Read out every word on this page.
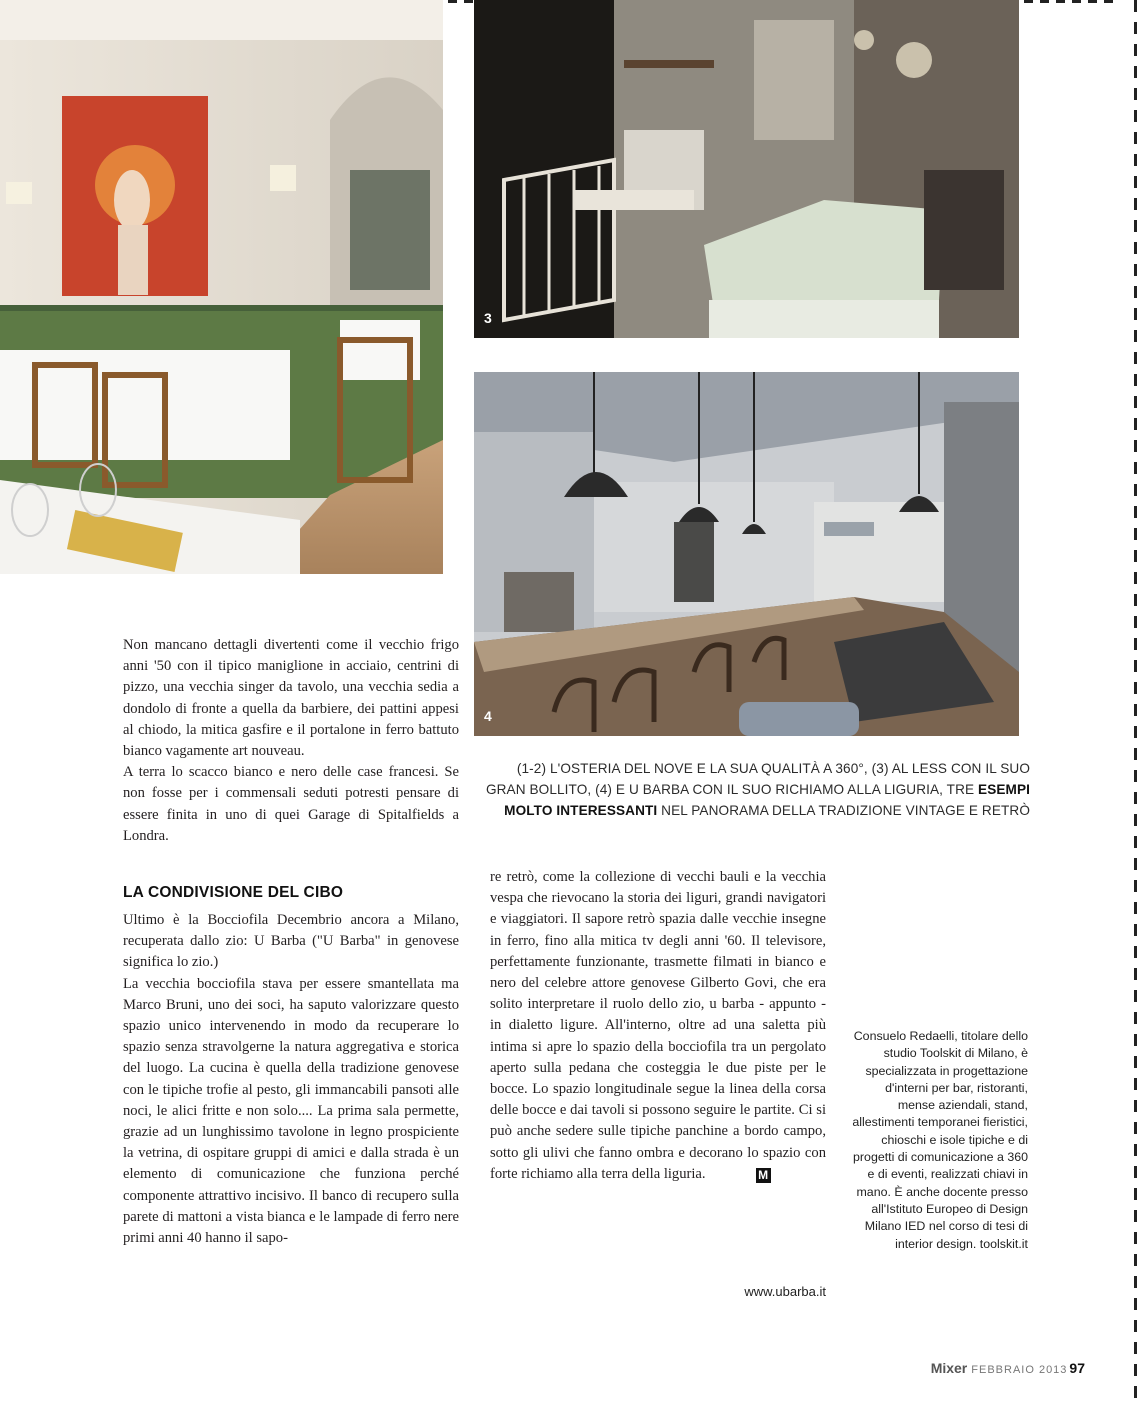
3
4
(1-2) L'OSTERIA DEL NOVE E LA SUA QUALITÀ A 360°, (3) AL LESS CON IL SUO GRAN BOLLITO, (4) E U BARBA CON IL SUO RICHIAMO ALLA LIGURIA, TRE ESEMPI MOLTO INTERESSANTI NEL PANORAMA DELLA TRADIZIONE VINTAGE E RETRÒ

Non mancano dettagli divertenti come il vecchio frigo anni '50 con il tipico maniglione in acciaio, centrini di pizzo, una vecchia singer da tavolo, una vecchia sedia a dondolo di fronte a quella da barbiere, dei pattini appesi al chiodo, la mitica gasfire e il portalone in ferro battuto bianco vagamente art nouveau.

A terra lo scacco bianco e nero delle case francesi. Se non fosse per i commensali seduti potresti pensare di essere finita in uno di quei Garage di Spitalfields a Londra.

LA CONDIVISIONE DEL CIBO

Ultimo è la Bocciofila Decembrio ancora a Milano, recuperata dallo zio: U Barba ("U Barba" in genovese significa lo zio.)

La vecchia bocciofila stava per essere smantellata ma Marco Bruni, uno dei soci, ha saputo valorizzare questo spazio unico intervenendo in modo da recuperare lo spazio senza stravolgerne la natura aggregativa e storica del luogo. La cucina è quella della tradizione genovese con le tipiche trofie al pesto, gli immancabili pansoti alle noci, le alici fritte e non solo.... La prima sala permette, grazie ad un lunghissimo tavolone in legno prospiciente la vetrina, di ospitare gruppi di amici e dalla strada è un elemento di comunicazione che funziona perché componente attrattivo incisivo. Il banco di recupero sulla parete di mattoni a vista bianca e le lampade di ferro nere primi anni 40 hanno il sapo-

re retrò, come la collezione di vecchi bauli e la vecchia vespa che rievocano la storia dei liguri, grandi navigatori e viaggiatori. Il sapore retrò spazia dalle vecchie insegne in ferro, fino alla mitica tv degli anni '60. Il televisore, perfettamente funzionante, trasmette filmati in bianco e nero del celebre attore genovese Gilberto Govi, che era solito interpretare il ruolo dello zio, u barba - appunto - in dialetto ligure. All'interno, oltre ad una saletta più intima si apre lo spazio della bocciofila tra un pergolato aperto sulla pedana che costeggia le due piste per le bocce. Lo spazio longitudinale segue la linea della corsa delle bocce e dai tavoli si possono seguire le partite. Ci si può anche sedere sulle tipiche panchine a bordo campo, sotto gli ulivi che fanno ombra e decorano lo spazio con forte richiamo alla terra della liguria.	M

www.ubarba.it
Consuelo Redaelli, titolare dello studio Toolskit di Milano, è specializzata in progettazione d'interni per bar, ristoranti, mense aziendali, stand, allestimenti temporanei fieristici, chioschi e isole tipiche e di progetti di comunicazione a 360 e di eventi, realizzati chiavi in mano. È anche docente presso all'Istituto Europeo di Design Milano IED nel corso di tesi di interior design. toolskit.it
Mixer FEBBRAIO 2013 97
